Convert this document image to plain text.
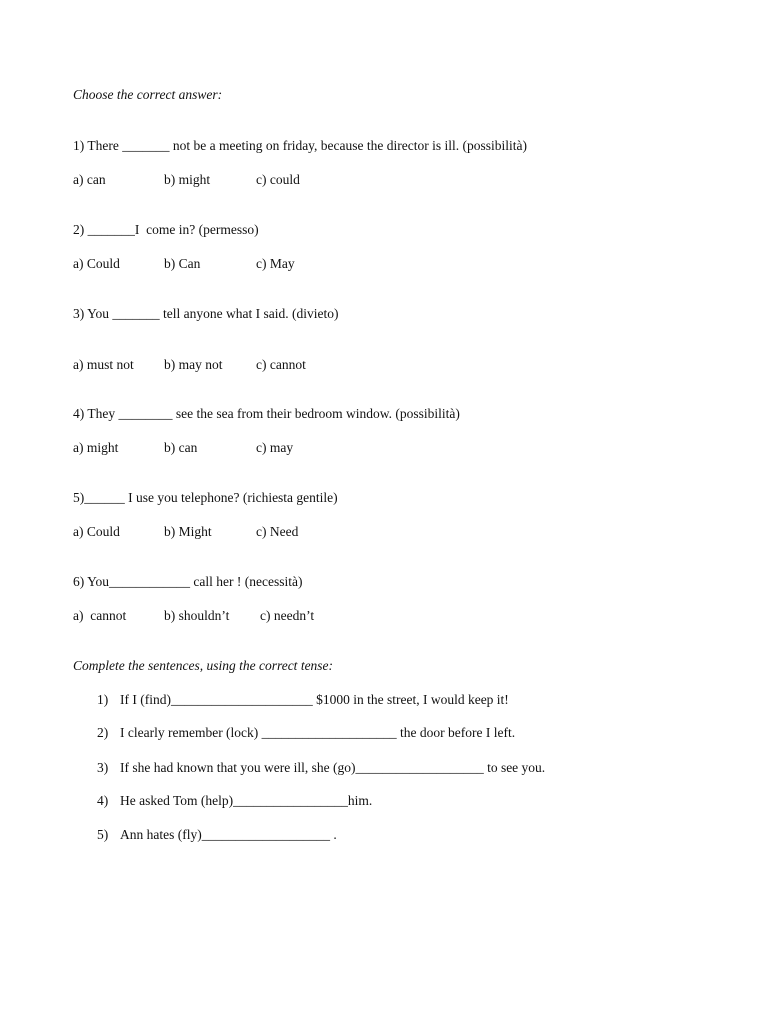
Choose the correct answer:
1) There _______ not be a meeting on friday, because the director is ill. (possibilità)
a) can	b) might	c) could
2) _______I  come in? (permesso)
a) Could	b) Can	c) May
3) You _______ tell anyone what I said. (divieto)
a) must not b) may not c) cannot
4) They ________ see the sea from their bedroom window. (possibilità)
a) might	b) can	c) may
5)______ I use you telephone? (richiesta gentile)
a) Could	b) Might	c) Need
6) You____________ call her ! (necessità)
a)  cannot	b) shouldn’t c) needn’t
Complete the sentences, using the correct tense:
1) If I (find)_____________________ $1000 in the street, I would keep it!
2) I clearly remember (lock) ____________________ the door before I left.
3) If she had known that you were ill, she (go)___________________ to see you.
4) He asked Tom (help)_________________him.
5) Ann hates (fly)___________________ .
